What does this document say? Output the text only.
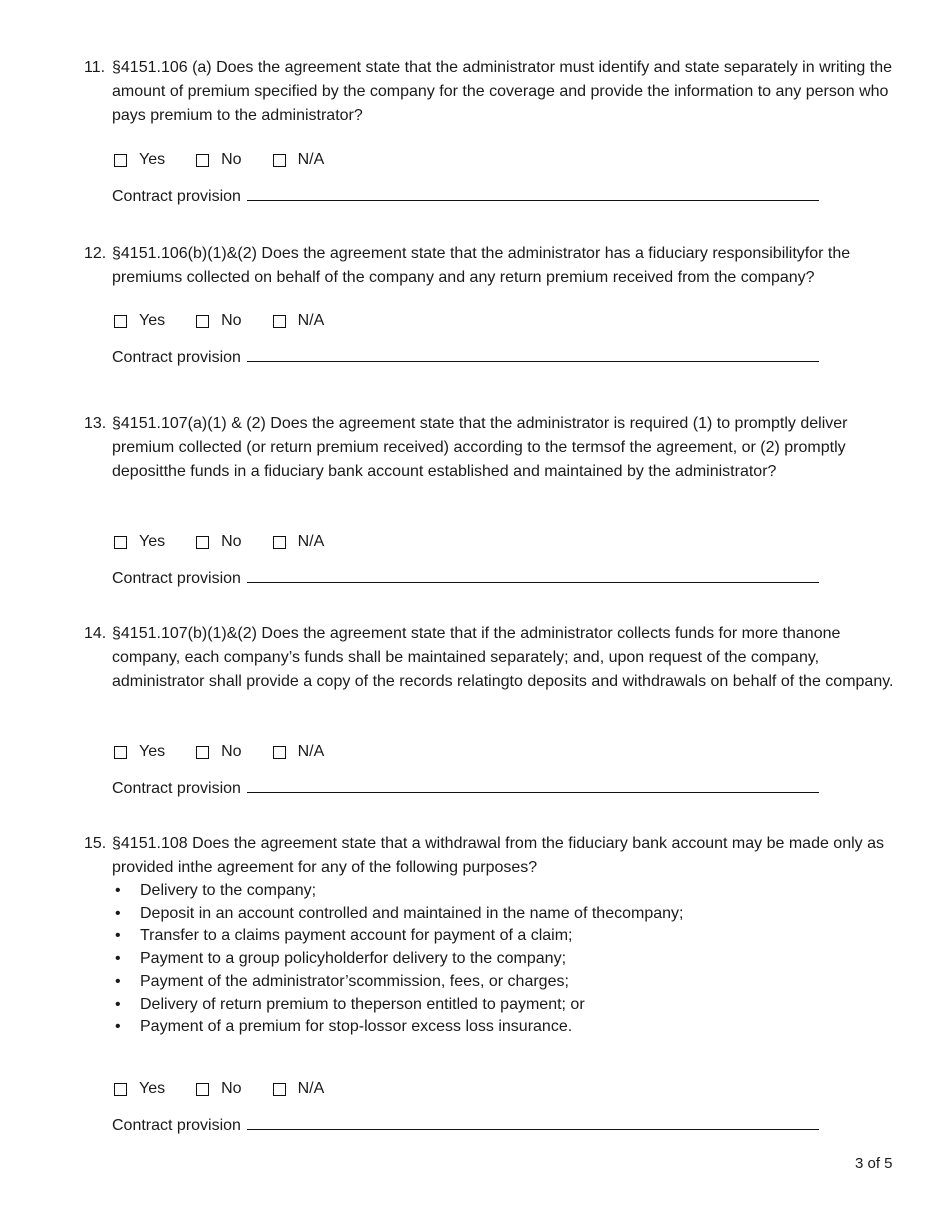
11. §4151.106 (a) Does the agreement state that the administrator must identify and state separately in writing the amount of premium specified by the company for the coverage and provide the information to any person who pays premium to the administrator?
Yes	No	N/A
Contract provision
12. §4151.106(b)(1)&(2) Does the agreement state that the administrator has a fiduciary responsibilityfor the premiums collected on behalf of the company and any return premium received from the company?
Yes	No	N/A
Contract provision
13. §4151.107(a)(1) & (2) Does the agreement state that the administrator is required (1) to promptly deliver premium collected (or return premium received) according to the termsof the agreement, or (2) promptly depositthe funds in a fiduciary bank account established and maintained by the administrator?
Yes	No	N/A
Contract provision
14. §4151.107(b)(1)&(2) Does the agreement state that if the administrator collects funds for more thanone company, each company’s funds shall be maintained separately; and, upon request of the company, administrator shall provide a copy of the records relatingto deposits and withdrawals on behalf of the company.
Yes	No	N/A
Contract provision
15. §4151.108 Does the agreement state that a withdrawal from the fiduciary bank account may be made only as provided inthe agreement for any of the following purposes?
•	Delivery to the company;
•	Deposit in an account controlled and maintained in the name of thecompany;
•	Transfer to a claims payment account for payment of a claim;
•	Payment to a group policyholderfor delivery to the company;
•	Payment of the administrator’scommission, fees, or charges;
•	Delivery of return premium to theperson entitled to payment; or
•	Payment of a premium for stop-lossor excess loss insurance.
Yes	No	N/A
Contract provision
3 of 5
